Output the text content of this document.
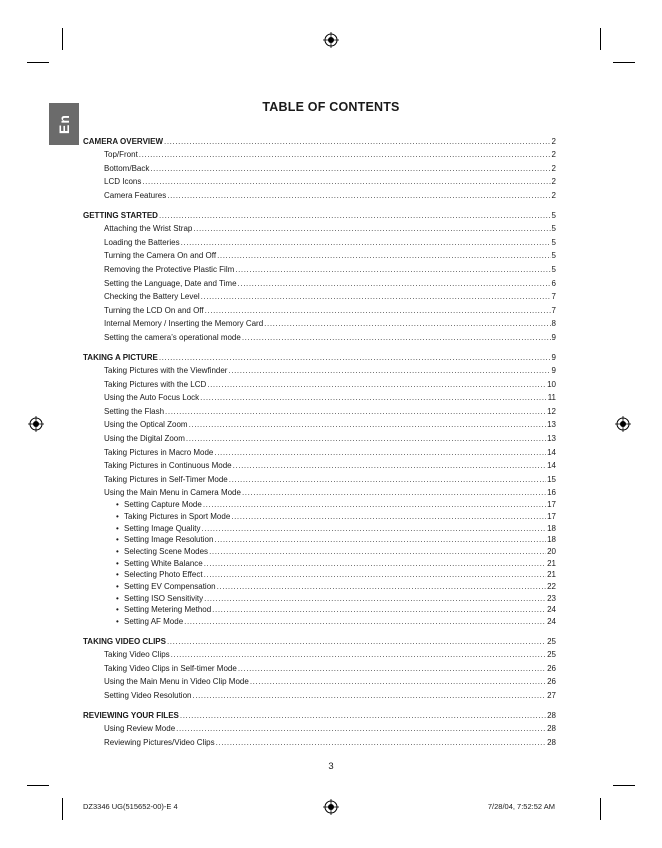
En
TABLE OF CONTENTS
CAMERA OVERVIEW .....	2
Top/Front .....	2
Bottom/Back .....	2
LCD Icons .....	2
Camera Features .....	2
GETTING STARTED .....	5
Attaching the Wrist Strap .....	5
Loading the Batteries .....	5
Turning the Camera On and Off .....	5
Removing the Protective Plastic Film .....	5
Setting the Language, Date and Time .....	6
Checking the Battery Level .....	7
Turning the LCD On and Off .....	7
Internal Memory / Inserting the Memory Card .....	8
Setting the camera’s operational mode .....	9
TAKING A PICTURE .....	9
Taking Pictures with the Viewfinder .....	9
Taking Pictures with the LCD .....	10
Using the Auto Focus Lock .....	11
Setting the Flash .....	12
Using the Optical Zoom .....	13
Using the Digital Zoom .....	13
Taking Pictures in Macro Mode .....	14
Taking Pictures in Continuous Mode .....	14
Taking Pictures in Self-Timer Mode .....	15
Using the Main Menu in Camera Mode .....	16
• Setting Capture Mode .....	17
• Taking Pictures in Sport Mode .....	17
• Setting Image Quality .....	18
• Setting Image Resolution .....	18
• Selecting Scene Modes .....	20
• Setting White Balance .....	21
• Selecting Photo Effect .....	21
• Setting EV Compensation .....	22
• Setting ISO Sensitivity .....	23
• Setting Metering Method .....	24
• Setting AF Mode .....	24
TAKING VIDEO CLIPS .....	25
Taking Video Clips .....	25
Taking Video Clips in Self-timer Mode .....	26
Using the Main Menu in Video Clip Mode .....	26
Setting Video Resolution .....	27
REVIEWING YOUR FILES .....	28
Using Review Mode .....	28
Reviewing Pictures/Video Clips .....	28
3
DZ3346 UG(515652-00)-E 4	7/28/04, 7:52:52 AM
